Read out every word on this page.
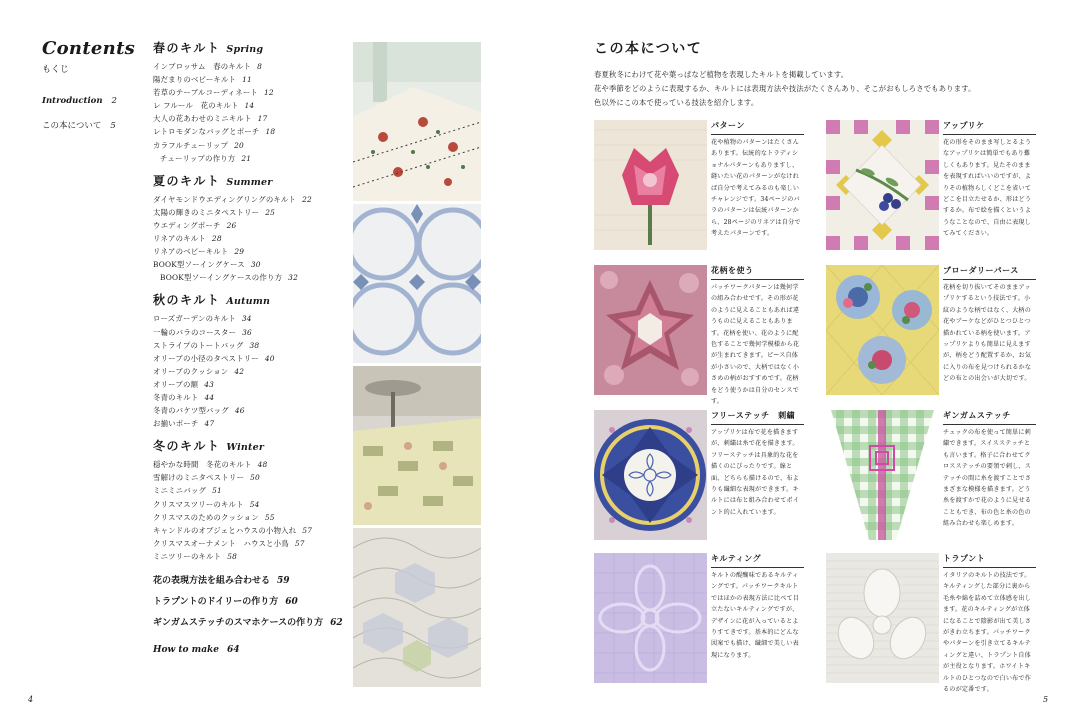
Contents
もくじ
Introduction 2
この本について 5
春のキルト Spring
インブロッサム　春のキルト 8
陽だまりのベビーキルト 11
若草のテーブルコーディネート 12
レ フルール　花のキルト 14
大人の花あわせのミニキルト 17
レトロモダンなバッグとポーチ 18
カラフルチューリップ 20
チューリップの作り方 21
夏のキルト Summer
ダイヤモンドウエディングリングのキルト 22
太陽の輝きのミニタペストリー 25
ウエディングポーチ 26
リネアのキルト 28
リネアのベビーキルト 29
BOOK型ソーイングケース 30
BOOK型ソーイングケースの作り方 32
秋のキルト Autumn
ローズガーデンのキルト 34
一輪のバラのコースター 36
ストライプのトートバッグ 38
オリーブの小径のタペストリー 40
オリーブのクッション 42
オリーブの額 43
冬青のキルト 44
冬青のバケツ型バッグ 46
お揃いポーチ 47
冬のキルト Winter
穏やかな時間　冬花のキルト 48
雪解けのミニタペストリー 50
ミニミニバッグ 51
クリスマスツリーのキルト 54
クリスマスのためのクッション 55
キャンドルのオブジェとハウスの小物入れ 57
クリスマスオーナメント　ハウスと小鳥 57
ミニツリーのキルト 58
花の表現方法を組み合わせる 59
トラプントのドイリーの作り方 60
ギンガムステッチのスマホケースの作り方 62
How to make 64
4
この本について
春夏秋冬にわけて花や葉っぱなど植物を表現したキルトを掲載しています。
花や季節をどのように表現するか、キルトには表現方法や技法がたくさんあり、そこがおもしろさでもあります。
色以外にこの本で使っている技法を紹介します。
パターン
花や植物のパターンはたくさんあります。伝統的なトラディショナルパターンもありますし、縫いたい花のパターンがなければ自分で考えてみるのも楽しいチャレンジです。34ページのバラのパターンは伝統パターンから、28ページのリネアは自分で考えたパターンです。
アップリケ
花の形をそのまま写しとるようなアップリケは簡単でもあり難しくもあります。見たそのままを表現すればいいのですが、よりその植物らしくどこを省いてどこを目立たせるか、形はどうするか。布で絵を描くというようなことなので、自由に表現してみてください。
花柄を使う
パッチワークパターンは幾何学の組み合わせです。その形が花のように見えることもあれば違うものに見えることもあります。花柄を使い、花のように配色することで幾何学模様から花が生まれてきます。ピース自体が小さいので、大柄ではなく小さめの柄がおすすめです。花柄をどう使うかは自分のセンスです。
ブローダリーパース
花柄を切り抜いてそのままアップリケするという技法です。小紋のような柄ではなく、大柄の花やブーケなどがひとつひとつ描かれている柄を使います。アップリケよりも簡単に見えますが、柄をどう配置するか、お気に入りの布を見つけられるかなどの布との出会いが大切です。
フリーステッチ　刺繍
アップリケは布で花を描きますが、刺繍は糸で花を描きます。フリーステッチは具象的な花を描くのにぴったりです。線と面、どちらも描けるので、布よりも繊細な表現ができます。キルトには布と組み合わせてポイント的に入れています。
ギンガムステッチ
チェックの布を使って簡単に刺繍できます。スイスステッチとも言います。格子に合わせてクロスステッチの要領で刺し、ステッチの間に糸を渡すことでさまざまな模様を描きます。どう糸を渡すかで花のように見せることもでき、布の色と糸の色の組み合わせも楽しめます。
キルティング
キルトの醍醐味であるキルティングです。パッチワークキルトではほかの表現方法に比べて目立たないキルティングですが、デザインに花が入っているとよりすてきです。基本的にどんな図案でも描け、繊細で美しい表現になります。
トラプント
イタリアのキルトの技法です。キルティングした部分に裏から毛糸や綿を詰めて立体感を出します。花のキルティングが立体になることで陰影が出て美しさがきわ立ちます。パッチワークやパターンを引き立てるキルティングと違い、トラプント自体が主役となります。ホワイトキルトのひとつなので白い布で作るのが定番です。
5
